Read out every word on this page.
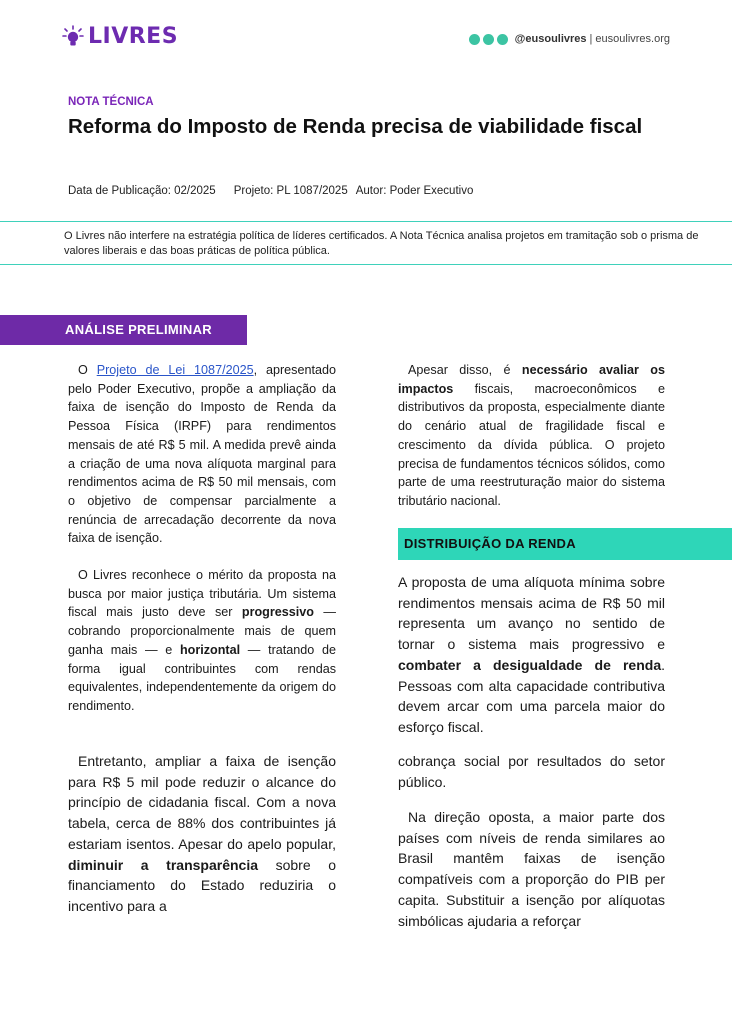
LIVRES	@eusoulivres | eusoulivres.org
NOTA TÉCNICA
Reforma do Imposto de Renda precisa de viabilidade fiscal
Data de Publicação: 02/2025 Projeto: PL 1087/2025 Autor: Poder Executivo
O Livres não interfere na estratégia política de líderes certificados. A Nota Técnica analisa projetos em tramitação sob o prisma de valores liberais e das boas práticas de política pública.
ANÁLISE PRELIMINAR
DISTRIBUIÇÃO DA RENDA

O Projeto de Lei 1087/2025, apresentado pelo Poder Executivo, propõe a ampliação da faixa de isenção do Imposto de Renda da Pessoa Física (IRPF) para rendimentos mensais de até R$ 5 mil. A medida prevê ainda a criação de uma nova alíquota marginal para rendimentos acima de R$ 50 mil mensais, com o objetivo de compensar parcialmente a renúncia de arrecadação decorrente da nova faixa de isenção.

O Livres reconhece o mérito da proposta na busca por maior justiça tributária. Um sistema fiscal mais justo deve ser progressivo — cobrando proporcionalmente mais de quem ganha mais — e horizontal — tratando de forma igual contribuintes com rendas equivalentes, independentemente da origem do rendimento.

Entretanto, ampliar a faixa de isenção para R$ 5 mil pode reduzir o alcance do princípio de cidadania fiscal. Com a nova tabela, cerca de 88% dos contribuintes já estariam isentos. Apesar do apelo popular, diminuir a transparência sobre o financiamento do Estado reduziria o incentivo para a

Apesar disso, é necessário avaliar os impactos fiscais, macroeconômicos e distributivos da proposta, especialmente diante do cenário atual de fragilidade fiscal e crescimento da dívida pública. O projeto precisa de fundamentos técnicos sólidos, como parte de uma reestruturação maior do sistema tributário nacional.

A proposta de uma alíquota mínima sobre rendimentos mensais acima de R$ 50 mil representa um avanço no sentido de tornar o sistema mais progressivo e combater a desigualdade de renda. Pessoas com alta capacidade contributiva devem arcar com uma parcela maior do esforço fiscal.

cobrança social por resultados do setor público.

Na direção oposta, a maior parte dos países com níveis de renda similares ao Brasil mantêm faixas de isenção compatíveis com a proporção do PIB per capita. Substituir a isenção por alíquotas simbólicas ajudaria a reforçar
